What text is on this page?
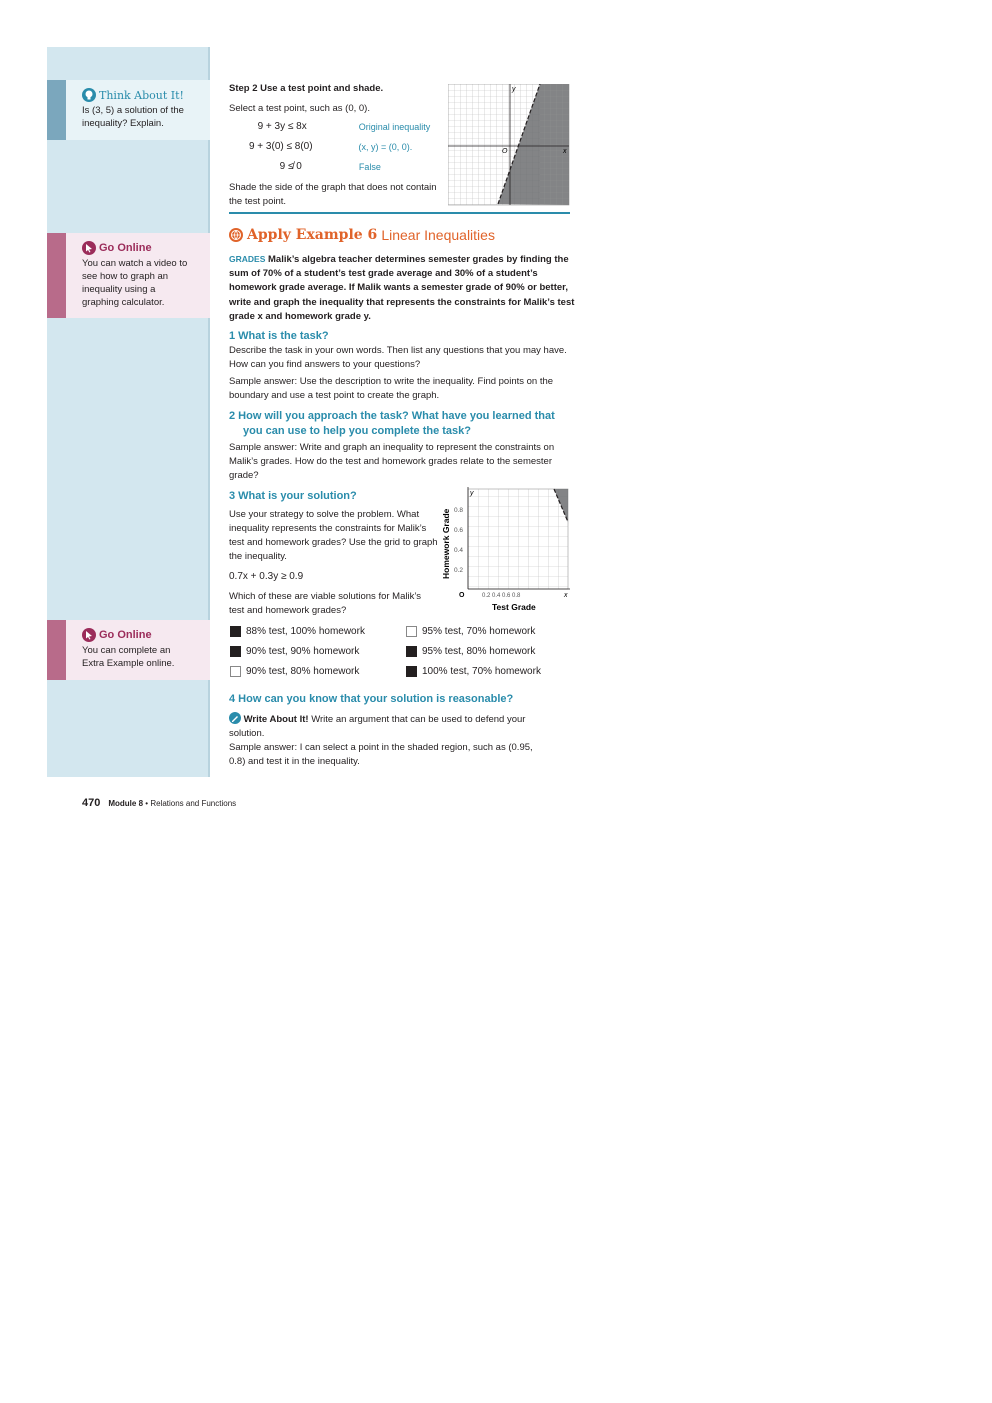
Think About It!
Is (3, 5) a solution of the inequality? Explain.
Go Online
You can watch a video to see how to graph an inequality using a graphing calculator.
Go Online
You can complete an Extra Example online.
Step 2 Use a test point and shade.
Select a test point, such as (0, 0).
9 + 3y ≤ 8x	Original inequality
9 + 3(0) ≤ 8(0)	(x, y) = (0, 0).
9 ≰ 0	False
Shade the side of the graph that does not contain the test point.
y
x
O
Apply Example 6 Linear Inequalities
GRADES Malik’s algebra teacher determines semester grades by finding the sum of 70% of a student’s test grade average and 30% of a student’s homework grade average. If Malik wants a semester grade of 90% or better, write and graph the inequality that represents the constraints for Malik’s test grade x and homework grade y.
1 What is the task?
Describe the task in your own words. Then list any questions that you may have. How can you find answers to your questions?
Sample answer: Use the description to write the inequality. Find points on the boundary and use a test point to create the graph.
2 How will you approach the task? What have you learned that
you can use to help you complete the task?
Sample answer: Write and graph an inequality to represent the constraints on Malik’s grades. How do the test and homework grades relate to the semester grade?
3 What is your solution?
Use your strategy to solve the problem. What inequality represents the constraints for Malik’s test and homework grades? Use the grid to graph the inequality.
0.7x + 0.3y ≥ 0.9
Which of these are viable solutions for Malik’s test and homework grades?
y
x
O
0.8
0.6
0.4
0.2
0.2 0.4 0.6 0.8
Test Grade
Homework Grade
88% test, 100% homework	95% test, 70% homework
90% test, 90% homework	95% test, 80% homework
90% test, 80% homework	100% test, 70% homework
4 How can you know that your solution is reasonable?
Write About It! Write an argument that can be used to defend your solution.
Sample answer: I can select a point in the shaded region, such as (0.95, 0.8) and test it in the inequality.
470 Module 8 • Relations and Functions
